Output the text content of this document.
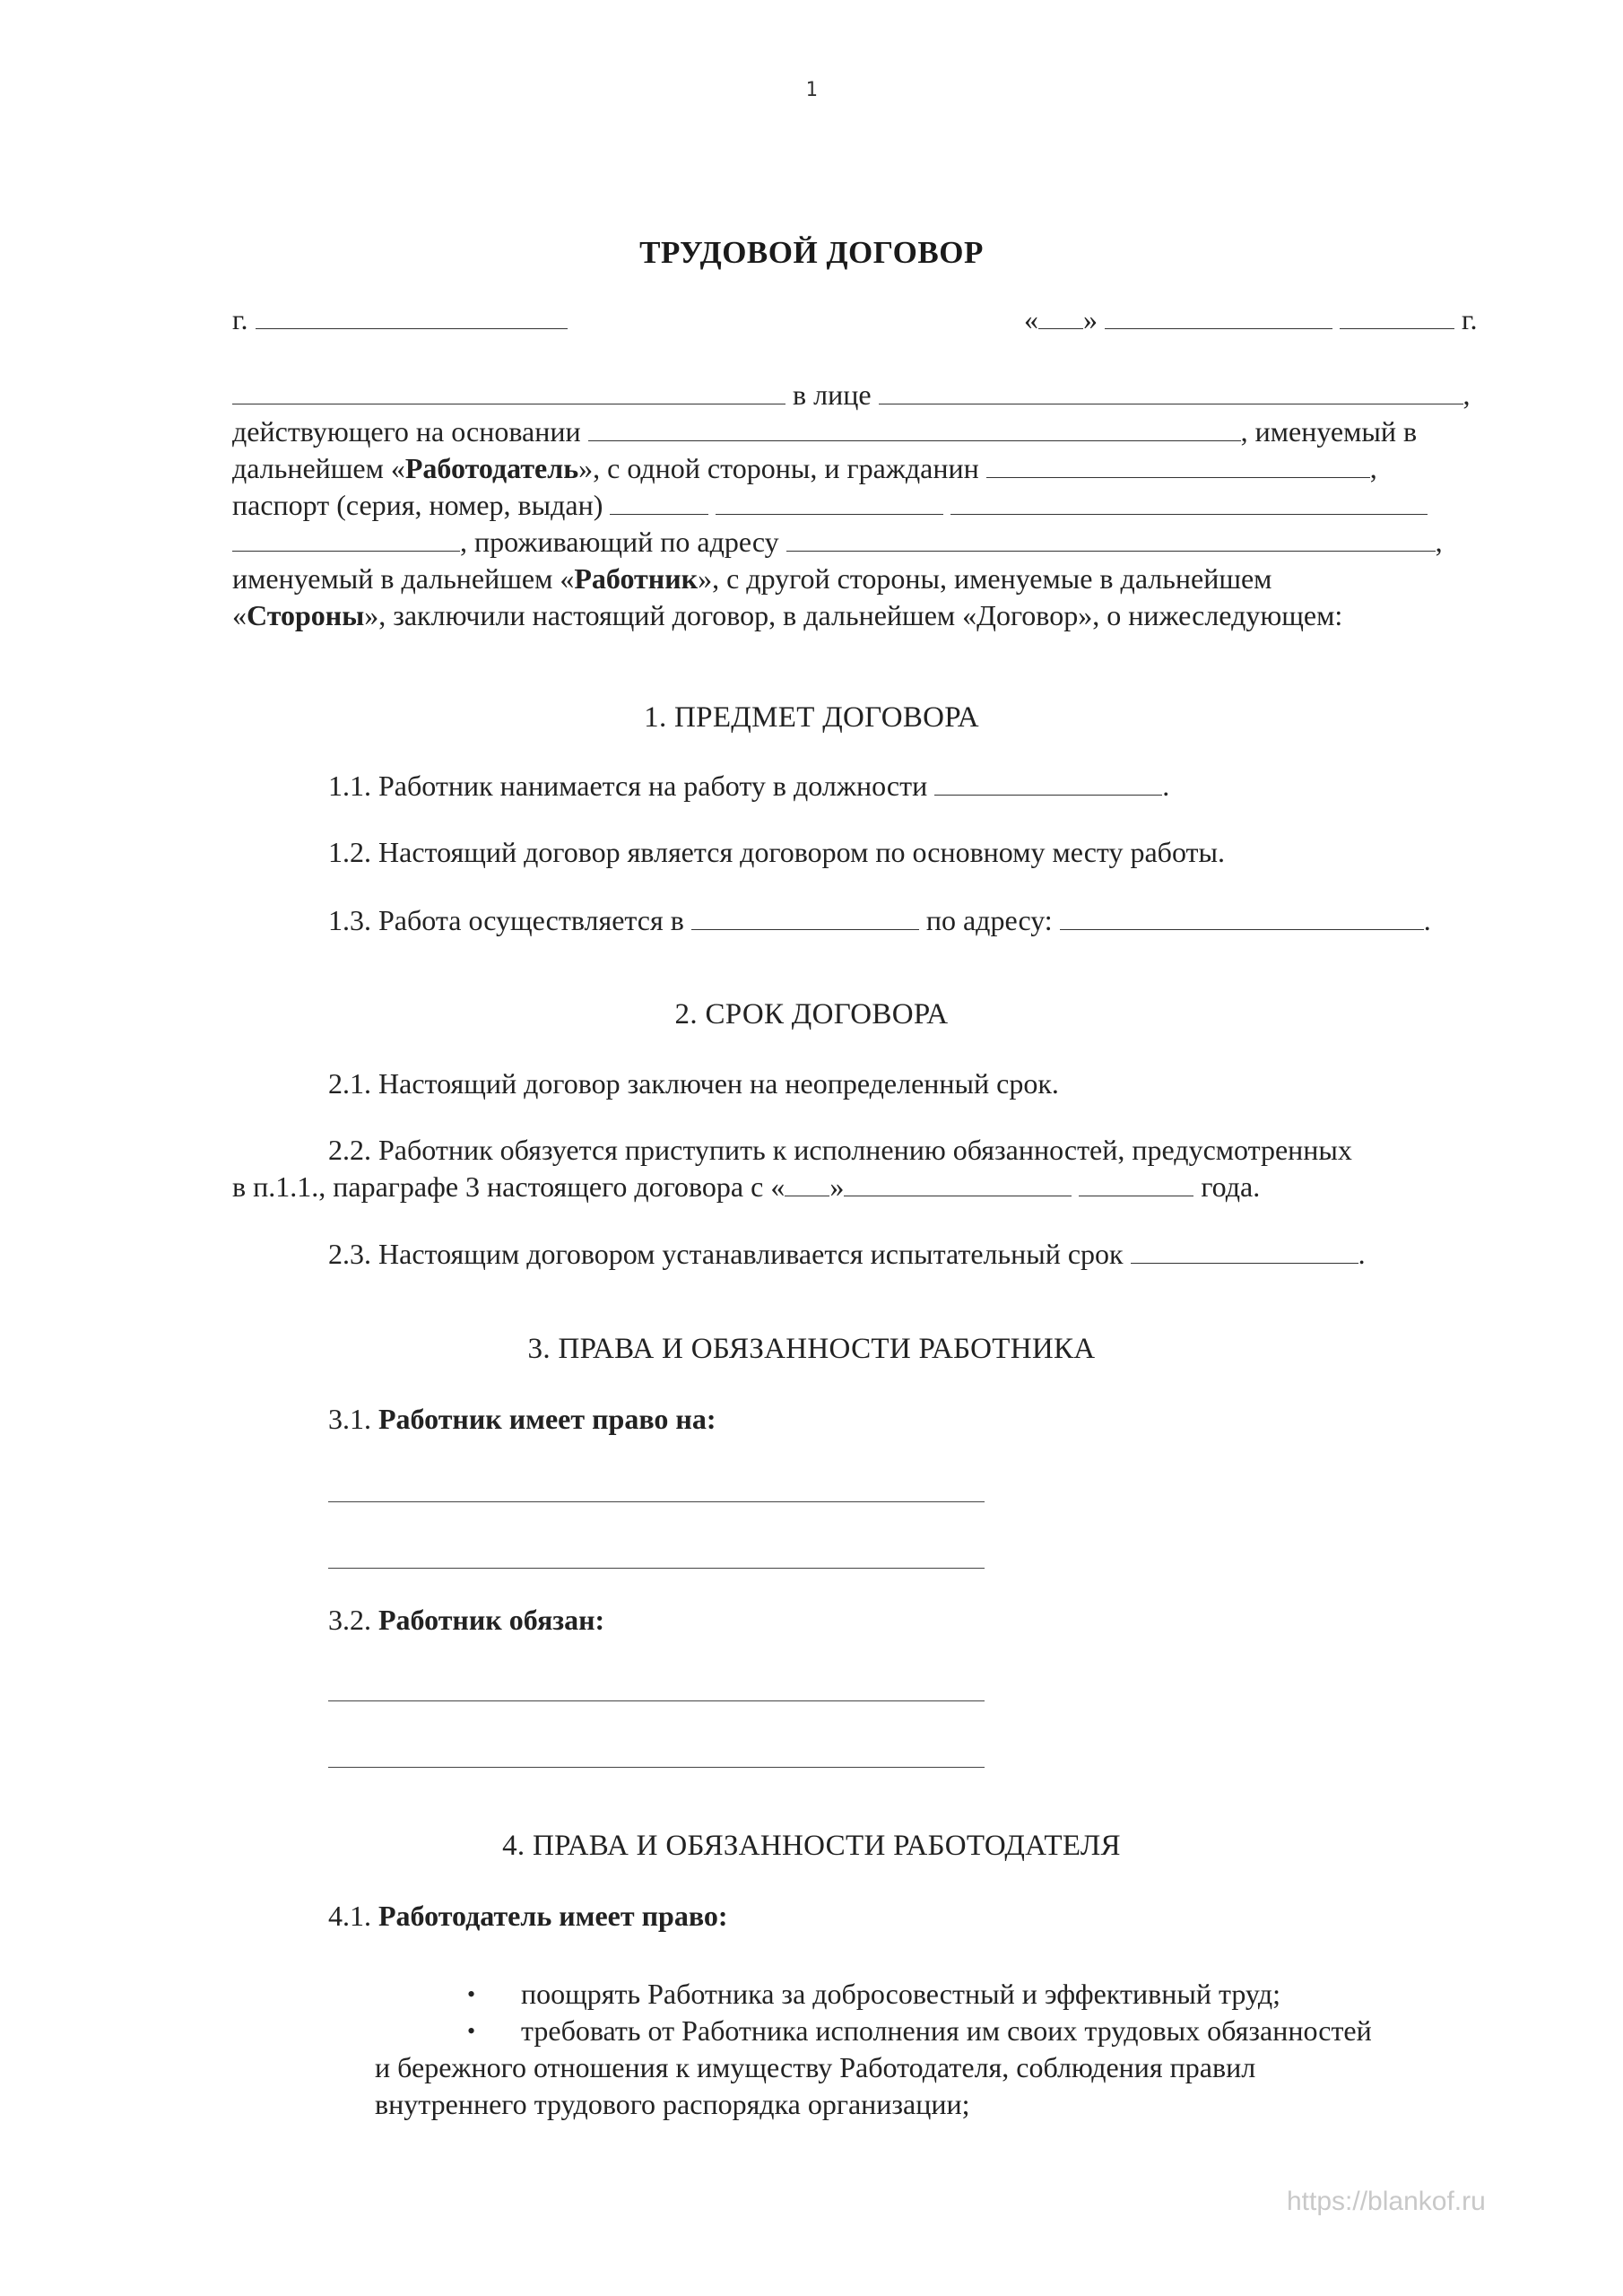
1
ТРУДОВОЙ ДОГОВОР
г.	« »	г.
в лице	,
действующего на основании	, именуемый в
дальнейшем «Работодатель», с одной стороны, и гражданин	,
паспорт (серия, номер, выдан)
, проживающий по адресу	,
именуемый в дальнейшем «Работник», с другой стороны, именуемые в дальнейшем
«Стороны», заключили настоящий договор, в дальнейшем «Договор», о нижеследующем:
1. ПРЕДМЕТ ДОГОВОРА
1.1. Работник нанимается на работу в должности	.
1.2. Настоящий договор является договором по основному месту работы.
1.3. Работа осуществляется в	по адресу:	.
2. СРОК ДОГОВОРА
2.1. Настоящий договор заключен на неопределенный срок.
2.2. Работник обязуется приступить к исполнению обязанностей, предусмотренных
в п.1.1., параграфе 3 настоящего договора с « »	года.
2.3. Настоящим договором устанавливается испытательный срок	.
3. ПРАВА И ОБЯЗАННОСТИ РАБОТНИКА
3.1. Работник имеет право на:
3.2. Работник обязан:
4. ПРАВА И ОБЯЗАННОСТИ РАБОТОДАТЕЛЯ
4.1. Работодатель имеет право:
• поощрять Работника за добросовестный и эффективный труд;
• требовать от Работника исполнения им своих трудовых обязанностей
и бережного отношения к имуществу Работодателя, соблюдения правил
внутреннего трудового распорядка организации;
https://blankof.ru
